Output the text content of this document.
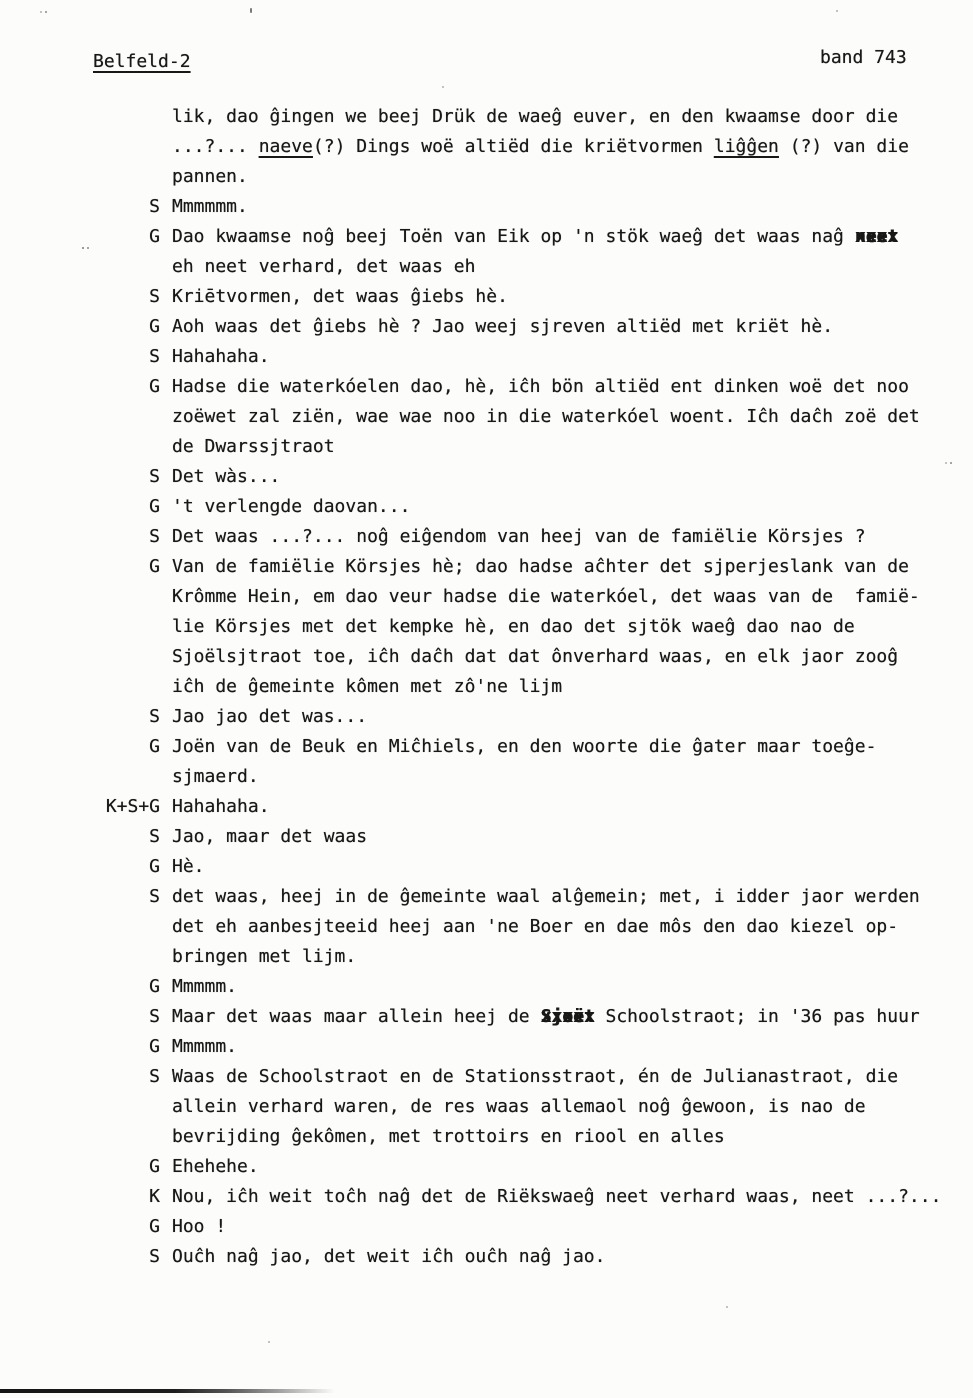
Belfeld-2	band 743
lik, dao ĝingen we beej Drük de waeĝ euver, en den kwaamse door die
...?... naeve(?) Dings woë altiëd die kriëtvormen liĝĝen (?) van die
pannen.
S Mmmmmm.
G Dao kwaamse noĝ beej Toën van Eik op 'n stök waeĝ det waas naĝ neet xxxx
eh neet verhard, det waas eh
S Kriētvormen, det waas ĝiebs hè.
G Aoh waas det ĝiebs hè ? Jao weej sjreven altiëd met kriët hè.
S Hahahaha.
G Hadse die waterkóelen dao, hè, iĉh bön altiëd ent dinken woë det noo
zoëwet zal ziën, wae wae noo in die waterkóel woent. Iĉh daĉh zoë det
de Dwarssjtraot
S Det wàs...
G 't verlengde daovan...
S Det waas ...?... noĝ eiĝendom van heej van de famiëlie Körsjes ?
G Van de famiëlie Körsjes hè; dao hadse aĉhter det sjperjeslank van de
Krômme Hein, em dao veur hadse die waterkóel, det waas van de  famië-
lie Körsjes met det kempke hè, en dao det sjtök waeĝ dao nao de
Sjoëlsjtraot toe, iĉh daĉh dat dat ônverhard waas, en elk jaor zooĝ
iĉh de ĝemeinte kômen met zô'ne lijm
S Jao jao det was...
G Joën van de Beuk en Miĉhiels, en den woorte die ĝater maar toeĝe-
sjmaerd.
K+S+G Hahahaha.
S Jao, maar det waas
G Hè.
S det waas, heej in de ĝemeinte waal alĝemein; met, i idder jaor werden
det eh aanbesjteeid heej aan 'ne Boer en dae môs den dao kiezel op-
bringen met lijm.
G Mmmmm.
S Maar det waas maar allein heej de Sjoët xxxxx Schoolstraot; in '36 pas huur
G Mmmmm.
S Waas de Schoolstraot en de Stationsstraot, én de Julianastraot, die
allein verhard waren, de res waas allemaol noĝ ĝewoon, is nao de
bevrijding ĝekômen, met trottoirs en riool en alles
G Ehehehe.
K Nou, iĉh weit toĉh naĝ det de Riëkswaeĝ neet verhard waas, neet ...?...
G Hoo !
S Ouĉh naĝ jao, det weit iĉh ouĉh naĝ jao.
